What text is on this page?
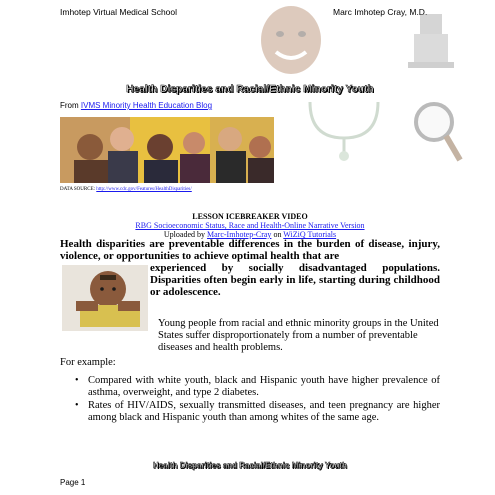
Imhotep Virtual Medical School	Marc Imhotep Cray, M.D.
Health Disparities and Racial/Ethnic Minority Youth
From IVMS Minority Health Education Blog
DATA SOURCE: http://www.cdc.gov/Features/HealthDisparities/
LESSON ICEBREAKER VIDEO
RBG Socioeconomic Status, Race and Health-Online Narrative Version
Uploaded by Marc-Imhotep-Cray on WiZiQ Tutorials
Health disparities are preventable differences in the burden of disease, injury, violence, or opportunities to achieve optimal health that are
experienced by socially disadvantaged populations. Disparities often begin early in life, starting during childhood or adolescence.
Young people from racial and ethnic minority groups in the United States suffer disproportionately from a number of preventable diseases and health problems.
For example:
• Compared with white youth, black and Hispanic youth have higher prevalence of asthma, overweight, and type 2 diabetes.
• Rates of HIV/AIDS, sexually transmitted diseases, and teen pregnancy are higher among black and Hispanic youth than among whites of the same age.
Health Disparities and Racial/Ethnic Minority Youth
Page 1
